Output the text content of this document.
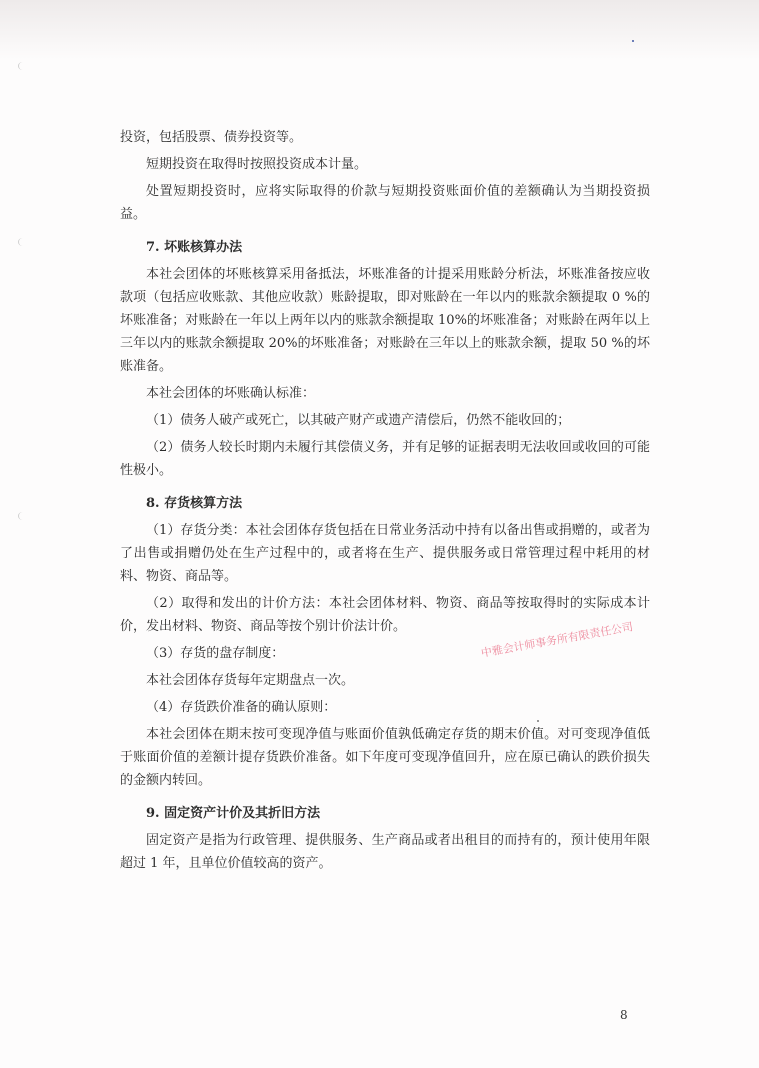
投资，包括股票、债券投资等。

短期投资在取得时按照投资成本计量。

处置短期投资时，应将实际取得的价款与短期投资账面价值的差额确认为当期投资损益。

7. 坏账核算办法

本社会团体的坏账核算采用备抵法，坏账准备的计提采用账龄分析法，坏账准备按应收款项（包括应收账款、其他应收款）账龄提取，即对账龄在一年以内的账款余额提取 0 %的坏账准备；对账龄在一年以上两年以内的账款余额提取 10%的坏账准备；对账龄在两年以上三年以内的账款余额提取 20%的坏账准备；对账龄在三年以上的账款余额，提取 50 %的坏账准备。

本社会团体的坏账确认标准：

（1）债务人破产或死亡，以其破产财产或遗产清偿后，仍然不能收回的；

（2）债务人较长时期内未履行其偿债义务，并有足够的证据表明无法收回或收回的可能性极小。

8. 存货核算方法

（1）存货分类：本社会团体存货包括在日常业务活动中持有以备出售或捐赠的，或者为了出售或捐赠仍处在生产过程中的，或者将在生产、提供服务或日常管理过程中耗用的材料、物资、商品等。

（2）取得和发出的计价方法：本社会团体材料、物资、商品等按取得时的实际成本计价，发出材料、物资、商品等按个别计价法计价。

（3）存货的盘存制度：

本社会团体存货每年定期盘点一次。

（4）存货跌价准备的确认原则：

本社会团体在期末按可变现净值与账面价值孰低确定存货的期末价值。对可变现净值低于账面价值的差额计提存货跌价准备。如下年度可变现净值回升，应在原已确认的跌价损失的金额内转回。

9. 固定资产计价及其折旧方法

固定资产是指为行政管理、提供服务、生产商品或者出租目的而持有的，预计使用年限超过 1 年，且单位价值较高的资产。

中雅会计师事务所有限责任公司
8
